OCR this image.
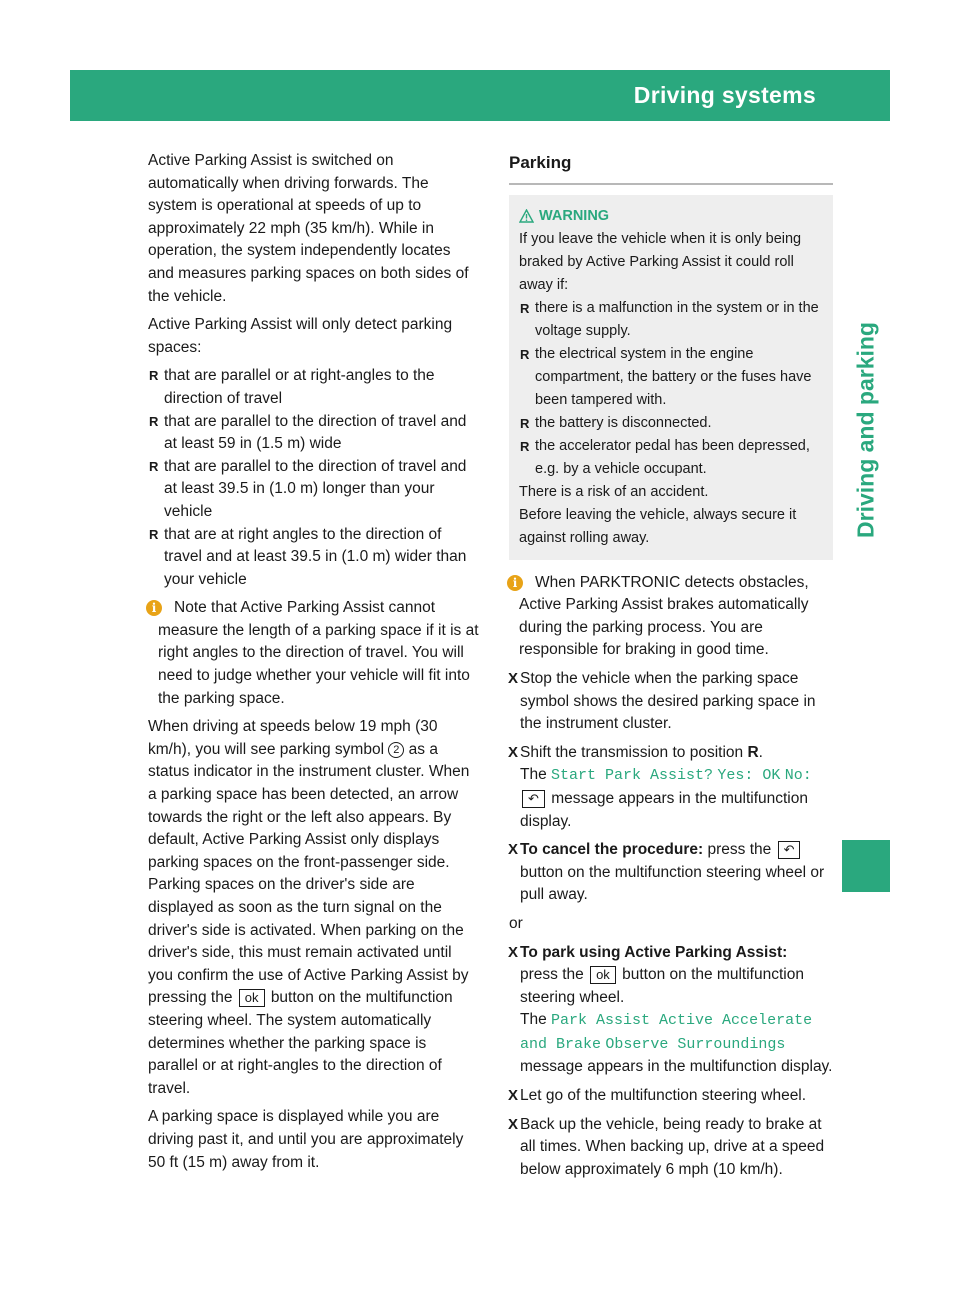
Driving systems	205
Driving and parking

Active Parking Assist is switched on automatically when driving forwards. The system is operational at speeds of up to approximately 22 mph (35 km/h). While in operation, the system independently locates and measures parking spaces on both sides of the vehicle.

Active Parking Assist will only detect parking spaces:

R that are parallel or at right-angles to the direction of travel
R that are parallel to the direction of travel and at least 59 in (1.5 m) wide
R that are parallel to the direction of travel and at least 39.5 in (1.0 m) longer than your vehicle
R that are at right angles to the direction of travel and at least 39.5 in (1.0 m) wider than your vehicle
i	Note that Active Parking Assist cannot measure the length of a parking space if it is at right angles to the direction of travel. You will need to judge whether your vehicle will fit into the parking space.

When driving at speeds below 19 mph (30 km/h), you will see parking symbol 2 as a status indicator in the instrument cluster. When a parking space has been detected, an arrow towards the right or the left also appears. By default, Active Parking Assist only displays parking spaces on the front-passenger side. Parking spaces on the driver's side are displayed as soon as the turn signal on the driver's side is activated. When parking on the driver's side, this must remain activated until you confirm the use of Active Parking Assist by pressing the ok button on the multifunction steering wheel. The system automatically determines whether the parking space is parallel or at right-angles to the direction of travel.

A parking space is displayed while you are driving past it, and until you are approximately 50 ft (15 m) away from it.

Parking
WARNING

If you leave the vehicle when it is only being braked by Active Parking Assist it could roll away if:

R there is a malfunction in the system or in the voltage supply.
R the electrical system in the engine compartment, the battery or the fuses have been tampered with.
R the battery is disconnected.
R the accelerator pedal has been depressed, e.g. by a vehicle occupant.

There is a risk of an accident.

Before leaving the vehicle, always secure it against rolling away.

i	When PARKTRONIC detects obstacles, Active Parking Assist brakes automatically during the parking process. You are responsible for braking in good time.
X Stop the vehicle when the parking space symbol shows the desired parking space in the instrument cluster.
X Shift the transmission to position R.
The Start Park Assist? Yes: OK No:
↶ message appears in the multifunction display.
X To cancel the procedure: press the ↶ button on the multifunction steering wheel or pull away.

or

X To park using Active Parking Assist:
press the ok button on the multifunction steering wheel.
The Park Assist Active Accelerate and Brake Observe Surroundings message appears in the multifunction display.
X Let go of the multifunction steering wheel.
X Back up the vehicle, being ready to brake at all times. When backing up, drive at a speed below approximately 6 mph (10 km/h).
